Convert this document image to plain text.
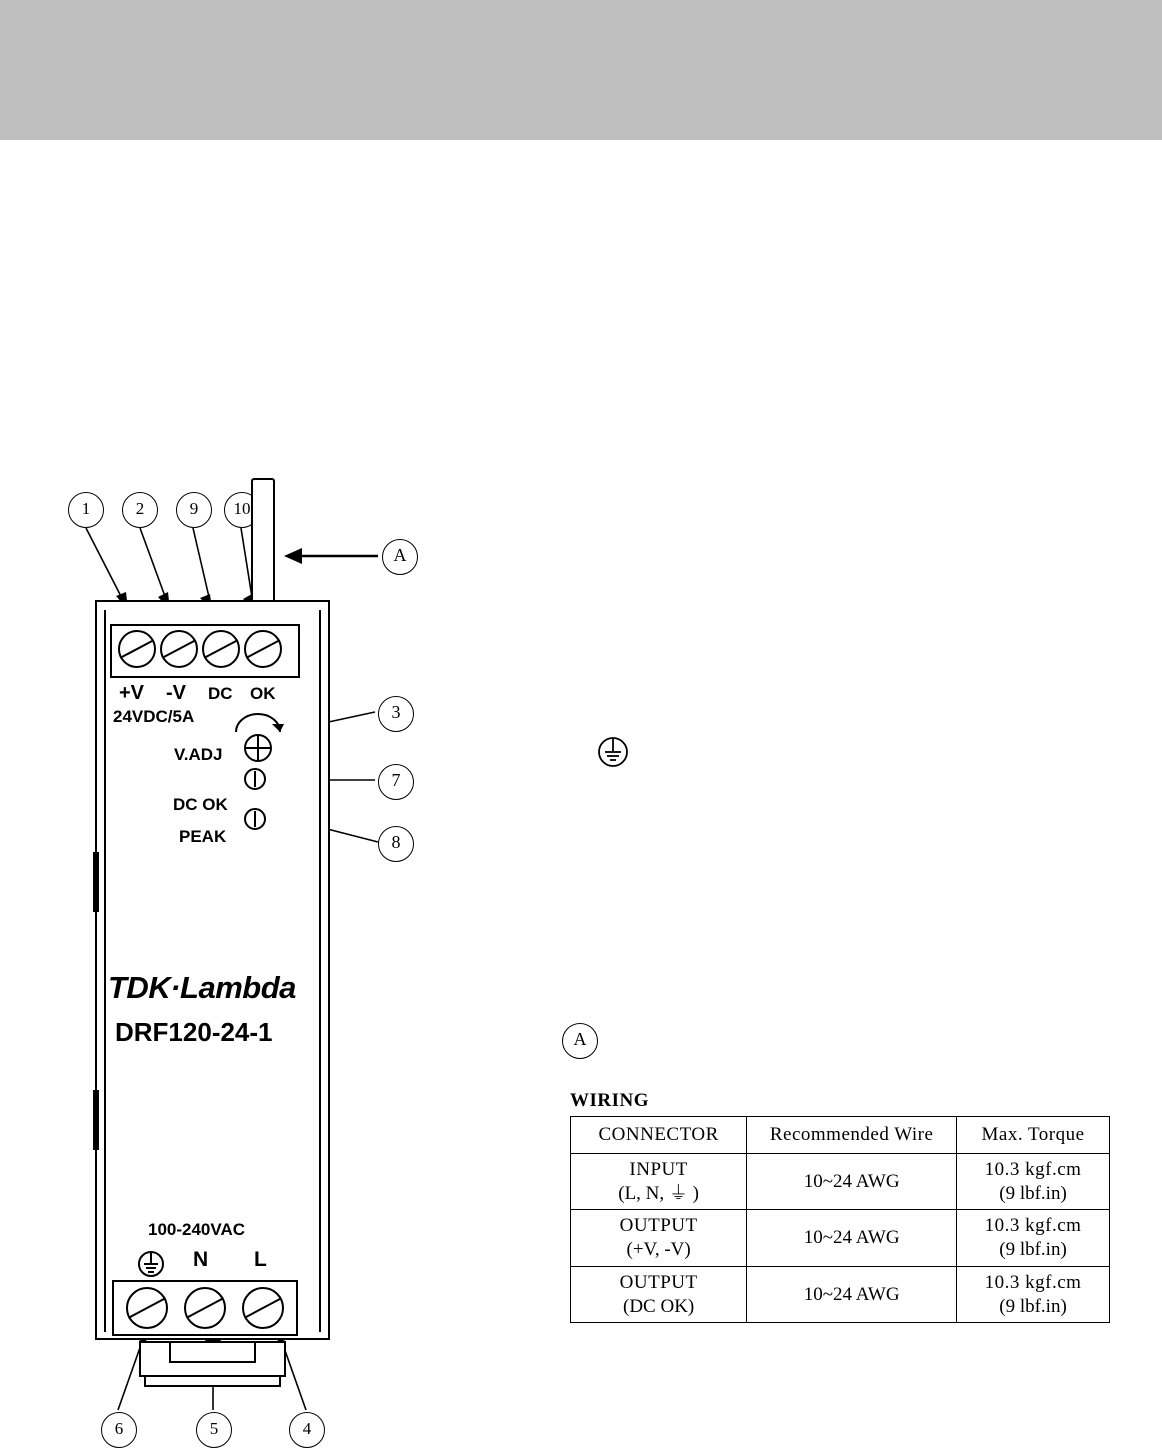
1	2	9	10
A
+V -V DC OK
24VDC/5A
V.ADJ
DC OK
PEAK
3
7
8
TDK·Lambda
DRF120-24-1
100-240VAC
N L
6	5	4
A
WIRING
CONNECTOR	Recommended Wire	Max. Torque

INPUT
(L, N, ⏚ )	10~24 AWG	10.3 kgf.cm
(9 lbf.in)

OUTPUT
(+V, -V)	10~24 AWG	10.3 kgf.cm
(9 lbf.in)

OUTPUT
(DC OK)	10~24 AWG	10.3 kgf.cm
(9 lbf.in)
